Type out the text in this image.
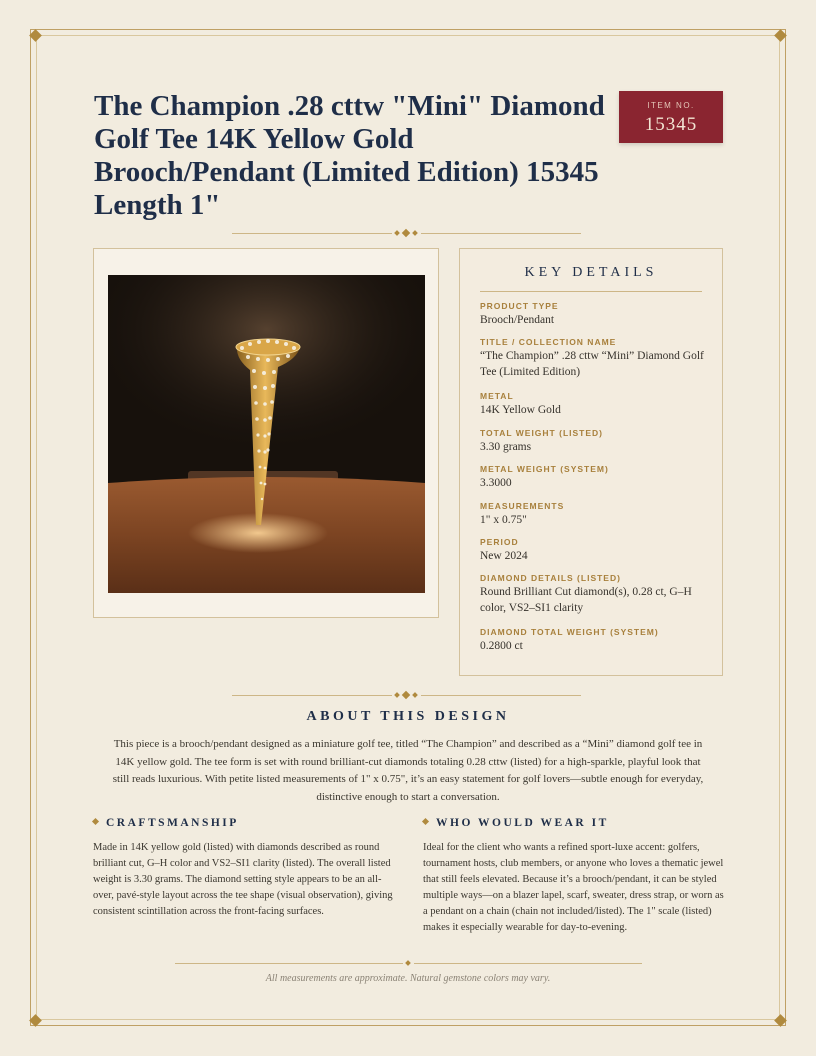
The Champion .28 cttw "Mini" Diamond Golf Tee 14K Yellow Gold Brooch/Pendant (Limited Edition) 15345 Length 1"
ITEM NO.
15345
KEY DETAILS
PRODUCT TYPE
Brooch/Pendant
TITLE / COLLECTION NAME
“The Champion” .28 cttw “Mini” Diamond Golf Tee (Limited Edition)
METAL
14K Yellow Gold
TOTAL WEIGHT (LISTED)
3.30 grams
METAL WEIGHT (SYSTEM)
3.3000
MEASUREMENTS
1" x 0.75"
PERIOD
New 2024
DIAMOND DETAILS (LISTED)
Round Brilliant Cut diamond(s), 0.28 ct, G–H color, VS2–SI1 clarity
DIAMOND TOTAL WEIGHT (SYSTEM)
0.2800 ct
ABOUT THIS DESIGN

This piece is a brooch/pendant designed as a miniature golf tee, titled “The Champion” and described as a “Mini” diamond golf tee in 14K yellow gold. The tee form is set with round brilliant-cut diamonds totaling 0.28 cttw (listed) for a high-sparkle, playful look that still reads luxurious. With petite listed measurements of 1" x 0.75", it’s an easy statement for golf lovers—subtle enough for everyday, distinctive enough to start a conversation.

CRAFTSMANSHIP

Made in 14K yellow gold (listed) with diamonds described as round brilliant cut, G–H color and VS2–SI1 clarity (listed). The overall listed weight is 3.30 grams. The diamond setting style appears to be an all-over, pavé-style layout across the tee shape (visual observation), giving consistent scintillation across the front-facing surfaces.

WHO WOULD WEAR IT

Ideal for the client who wants a refined sport-luxe accent: golfers, tournament hosts, club members, or anyone who loves a thematic jewel that still feels elevated. Because it’s a brooch/pendant, it can be styled multiple ways—on a blazer lapel, scarf, sweater, dress strap, or worn as a pendant on a chain (chain not included/listed). The 1" scale (listed) makes it especially wearable for day-to-evening.

All measurements are approximate. Natural gemstone colors may vary.
